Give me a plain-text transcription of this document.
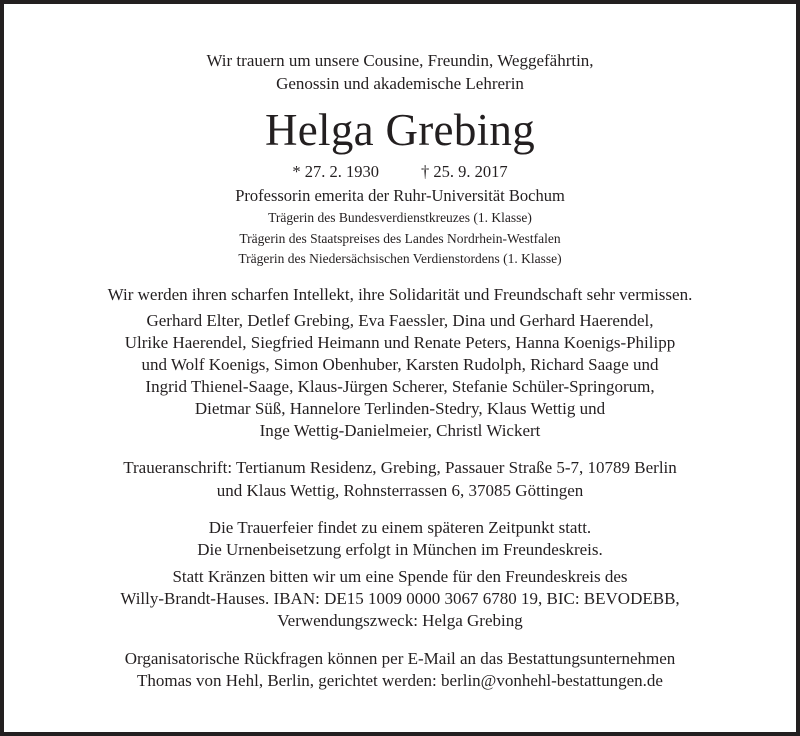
Wir trauern um unsere Cousine, Freundin, Weggefährtin,
Genossin und akademische Lehrerin
Helga Grebing
* 27. 2. 1930	† 25. 9. 2017
Professorin emerita der Ruhr-Universität Bochum
Trägerin des Bundesverdienstkreuzes (1. Klasse)
Trägerin des Staatspreises des Landes Nordrhein-Westfalen
Trägerin des Niedersächsischen Verdienstordens (1. Klasse)
Wir werden ihren scharfen Intellekt, ihre Solidarität und Freundschaft sehr vermissen.
Gerhard Elter, Detlef Grebing, Eva Faessler, Dina und Gerhard Haerendel,
Ulrike Haerendel, Siegfried Heimann und Renate Peters, Hanna Koenigs-Philipp
und Wolf Koenigs, Simon Obenhuber, Karsten Rudolph, Richard Saage und
Ingrid Thienel-Saage, Klaus-Jürgen Scherer, Stefanie Schüler-Springorum,
Dietmar Süß, Hannelore Terlinden-Stedry, Klaus Wettig und
Inge Wettig-Danielmeier, Christl Wickert
Traueranschrift: Tertianum Residenz, Grebing, Passauer Straße 5-7, 10789 Berlin
und Klaus Wettig, Rohnsterrassen 6, 37085 Göttingen
Die Trauerfeier findet zu einem späteren Zeitpunkt statt.
Die Urnenbeisetzung erfolgt in München im Freundeskreis.
Statt Kränzen bitten wir um eine Spende für den Freundeskreis des
Willy-Brandt-Hauses. IBAN: DE15 1009 0000 3067 6780 19, BIC: BEVODEBB,
Verwendungszweck: Helga Grebing
Organisatorische Rückfragen können per E-Mail an das Bestattungsunternehmen
Thomas von Hehl, Berlin, gerichtet werden: berlin@vonhehl-bestattungen.de
